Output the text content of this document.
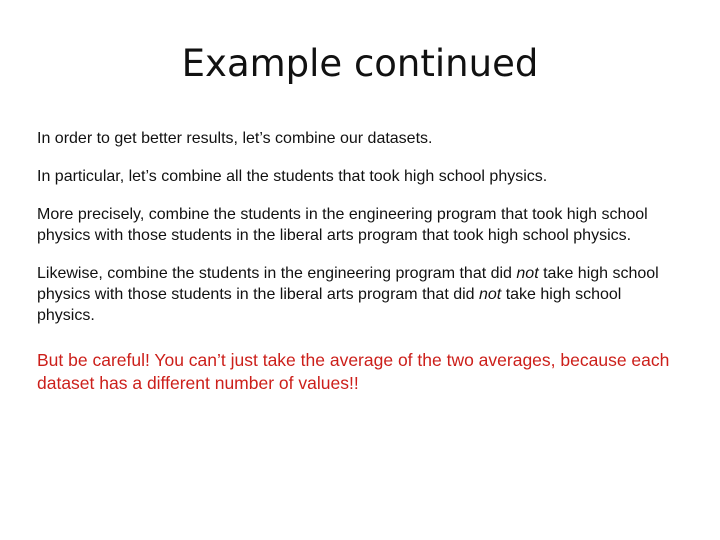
Example continued

In order to get better results, let’s combine our datasets.

In particular, let’s combine all the students that took high school physics.

More precisely, combine the students in the engineering program that took high school physics with those students in the liberal arts program that took high school physics.

Likewise, combine the students in the engineering program that did not take high school physics with those students in the liberal arts program that did not take high school physics.

But be careful! You can’t just take the average of the two averages, because each dataset has a different number of values!!
